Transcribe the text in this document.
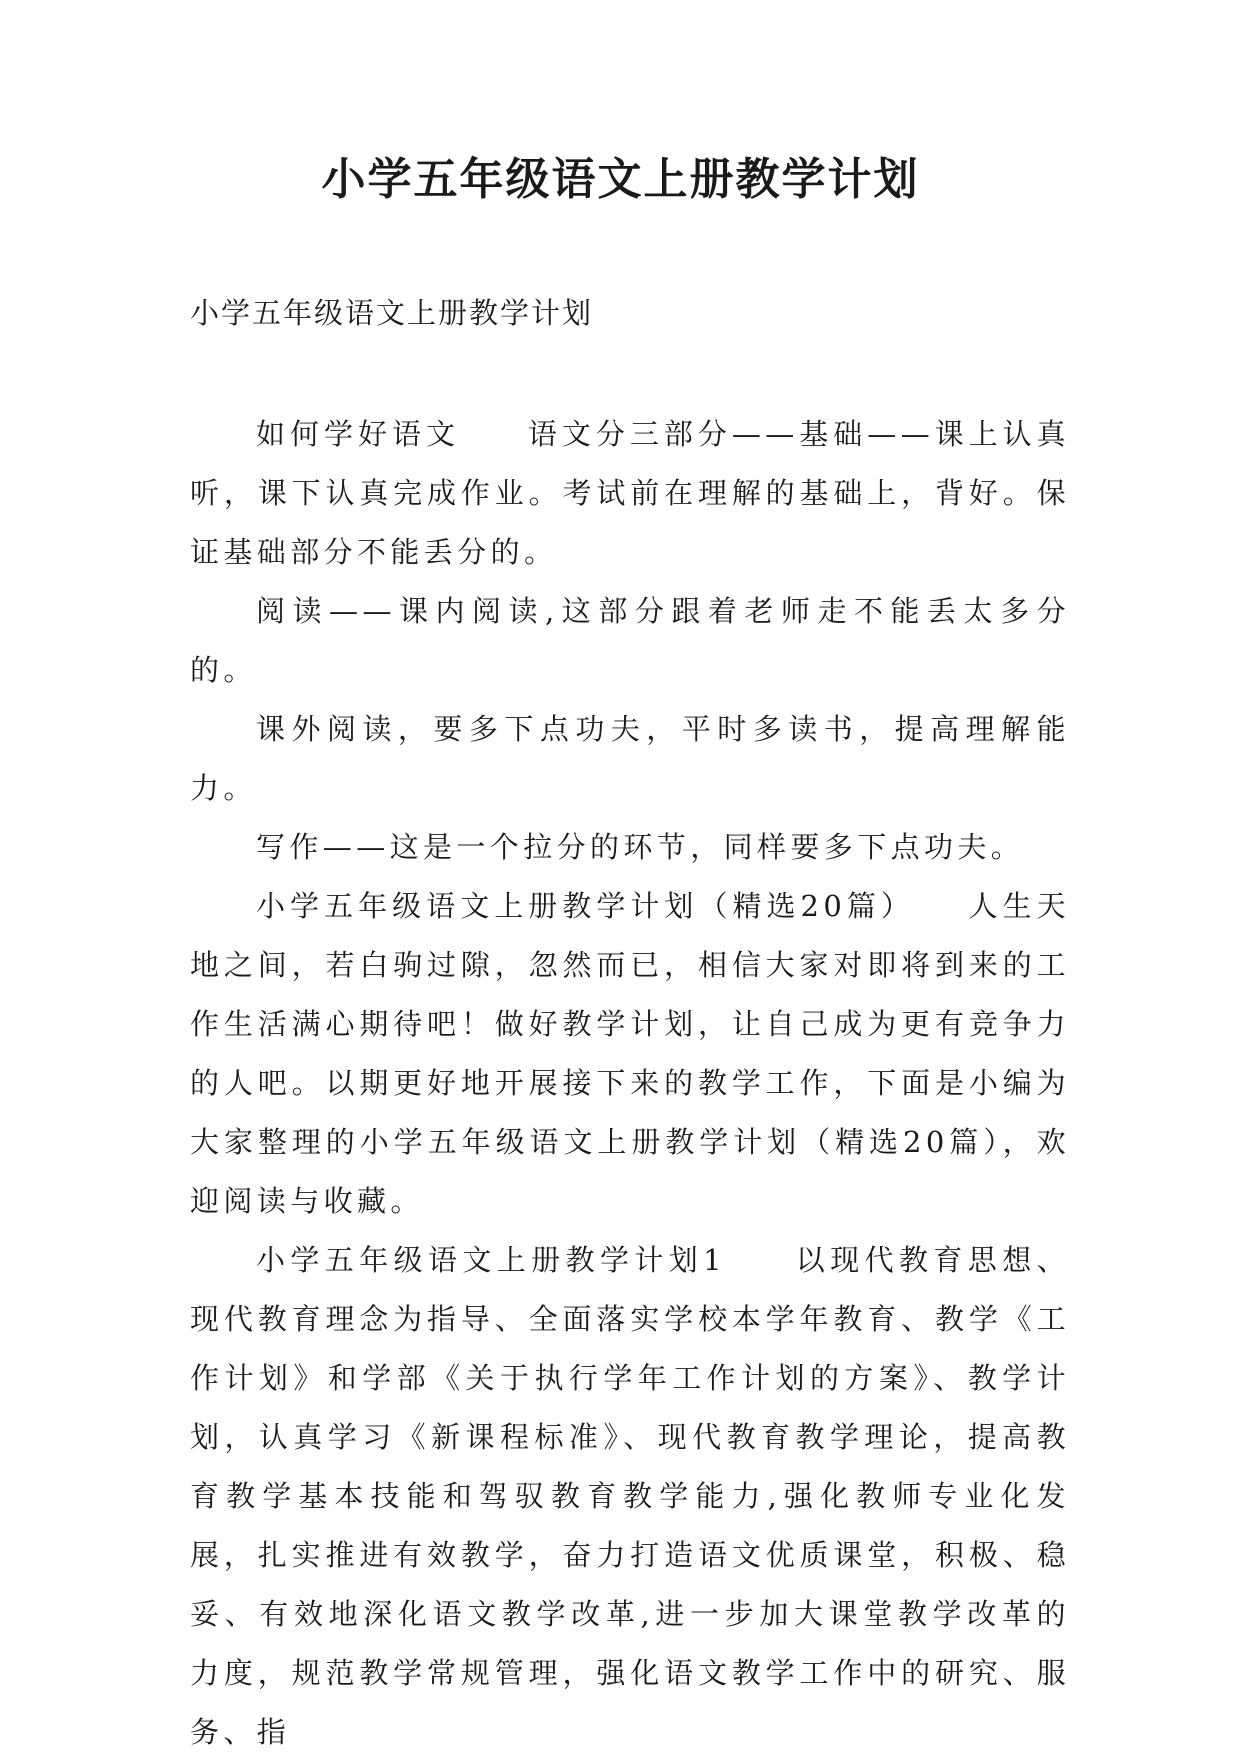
小学五年级语文上册教学计划

小学五年级语文上册教学计划

如何学好语文　　语文分三部分——基础——课上认真听，课下认真完成作业。考试前在理解的基础上，背好。保证基础部分不能丢分的。

阅读——课内阅读,这部分跟着老师走不能丢太多分的。

课外阅读，要多下点功夫，平时多读书，提高理解能力。

写作——这是一个拉分的环节，同样要多下点功夫。

小学五年级语文上册教学计划（精选20篇）　　人生天地之间，若白驹过隙，忽然而已，相信大家对即将到来的工作生活满心期待吧！做好教学计划，让自己成为更有竞争力的人吧。以期更好地开展接下来的教学工作，下面是小编为大家整理的小学五年级语文上册教学计划（精选20篇），欢迎阅读与收藏。

小学五年级语文上册教学计划1　　以现代教育思想、现代教育理念为指导、全面落实学校本学年教育、教学《工作计划》和学部《关于执行学年工作计划的方案》、教学计划，认真学习《新课程标准》、现代教育教学理论，提高教育教学基本技能和驾驭教育教学能力,强化教师专业化发展，扎实推进有效教学，奋力打造语文优质课堂，积极、稳妥、有效地深化语文教学改革,进一步加大课堂教学改革的力度，规范教学常规管理，强化语文教学工作中的研究、服务、指
